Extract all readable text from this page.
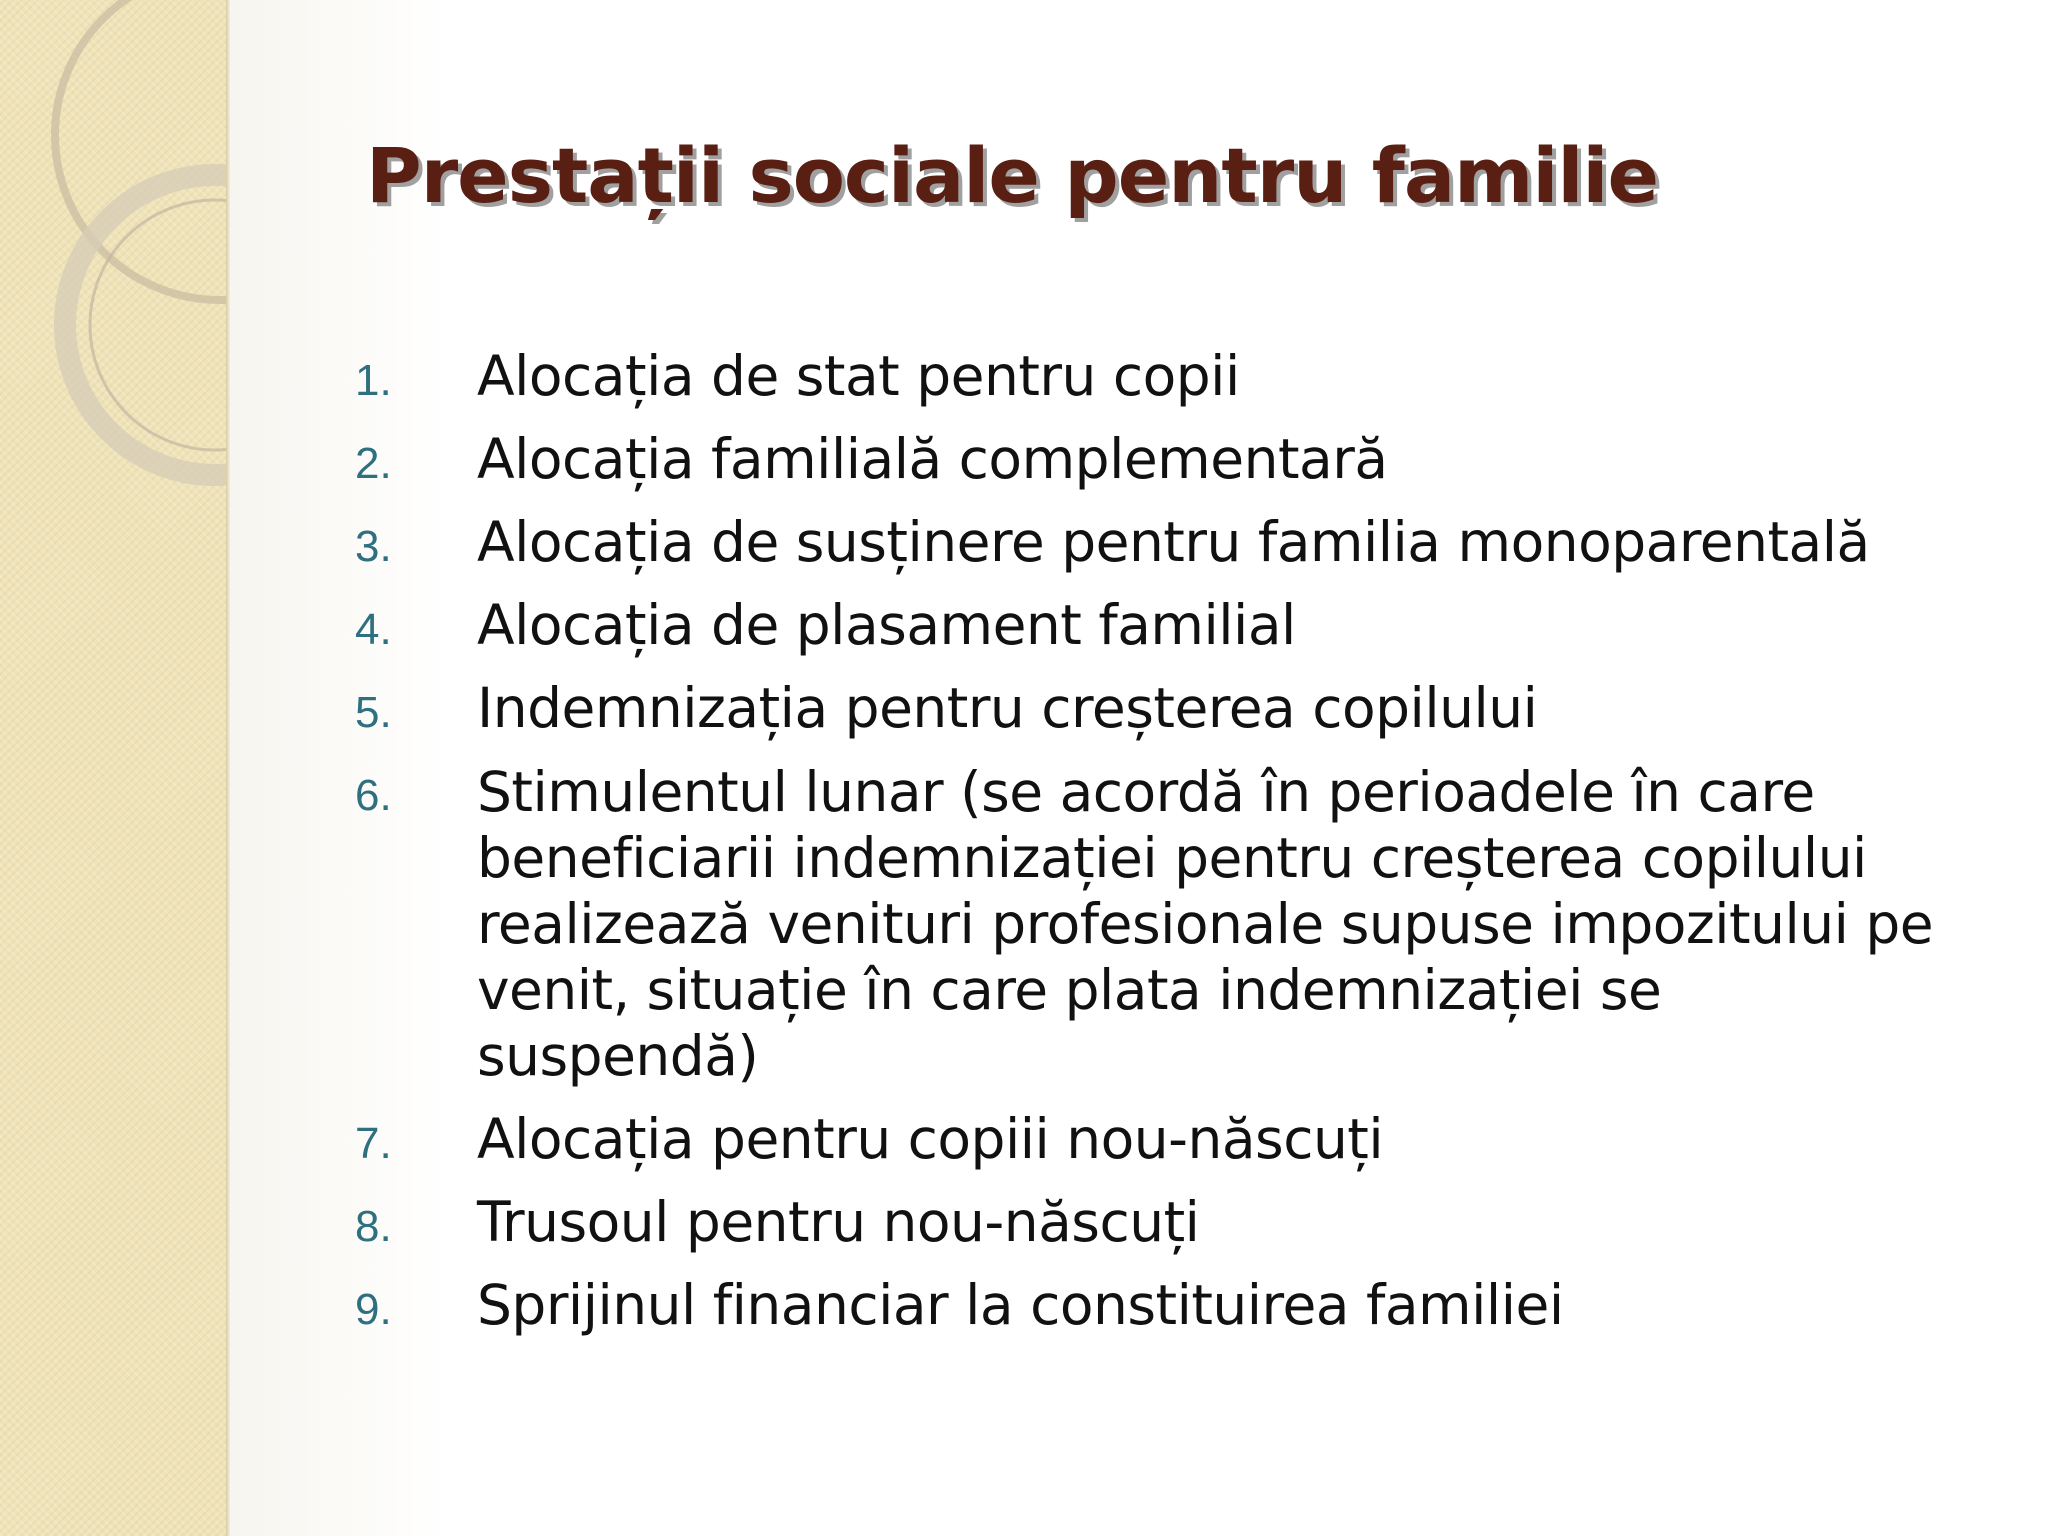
Prestații sociale pentru familie
1. Alocația de stat pentru copii
2. Alocația familială complementară
3. Alocația de susținere pentru familia monoparentală
4. Alocația de plasament familial
5. Indemnizația pentru creșterea copilului
6. Stimulentul lunar (se acordă în perioadele în care beneficiarii indemnizației pentru creșterea copilului realizează venituri profesionale supuse impozitului pe venit, situație în care plata indemnizației se suspendă)
7. Alocația pentru copiii nou-născuți
8. Trusoul pentru nou-născuți
9. Sprijinul financiar la constituirea familiei
